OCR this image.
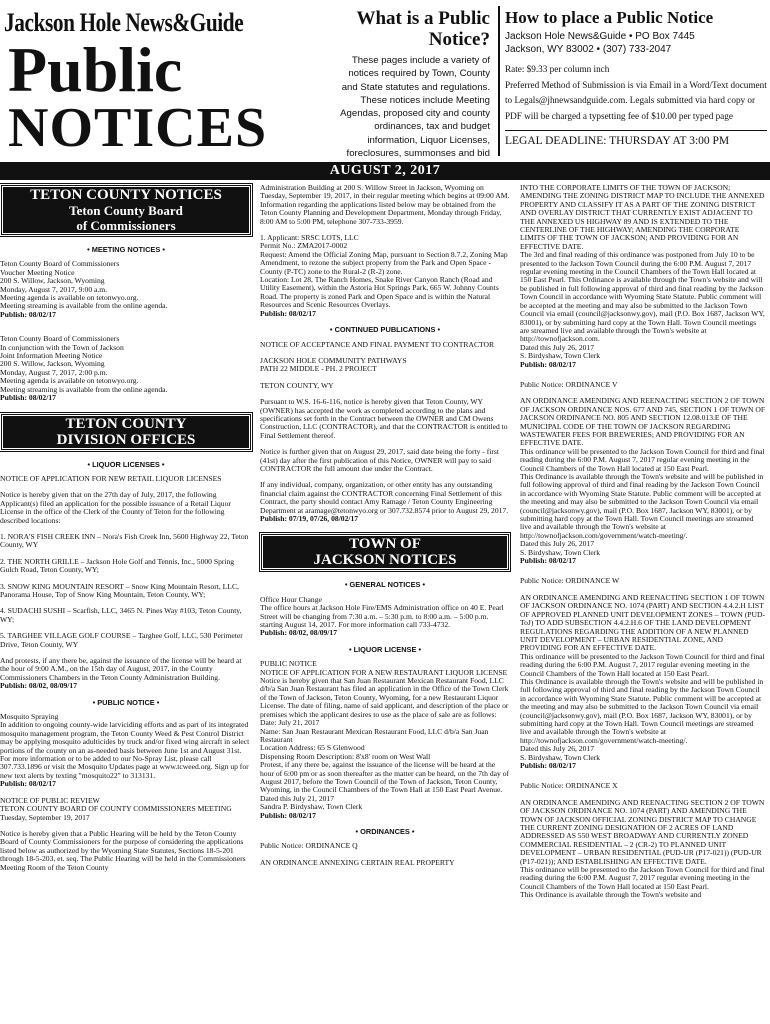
Jackson Hole News&Guide
Public
NOTICES
What is a Public Notice?

These pages include a variety of notices required by Town, County and State statutes and regulations. These notices include Meeting Agendas, proposed city and county ordinances, tax and budget information, Liquor Licenses, foreclosures, summonses and bid

How to place a Public Notice
Jackson Hole News&Guide • PO Box 7445
Jackson, WY 83002 • (307) 733-2047
Rate: $9.33 per column inch
Preferred Method of Submission is via Email in a Word/Text document to Legals@jhnewsandguide.com. Legals submitted via hard copy or PDF will be charged a typsetting fee of $10.00 per typed page
LEGAL DEADLINE: THURSDAY AT 3:00 PM
AUGUST 2, 2017
TETON COUNTY NOTICES
Teton County Board
of Commissioners
• MEETING NOTICES •
Teton County Board of Commissioners
Voucher Meeting Notice
200 S. Willow, Jackson, Wyoming
Monday, August 7, 2017, 9:00 a.m.
Meeting agenda is available on tetonwyo.org.
Meeting streaming is available from the online agenda.
Publish: 08/02/17
Teton County Board of Commissioners
In conjunction with the Town of Jackson
Joint Information Meeting Notice
200 S. Willow, Jackson, Wyoming
Monday, August 7, 2017, 2:00 p.m.
Meeting agenda is available on tetonwyo.org.
Meeting streaming is available from the online agenda.
Publish: 08/02/17
TETON COUNTY
DIVISION OFFICES
• LIQUOR LICENSES •
NOTICE OF APPLICATION FOR NEW RETAIL LIQUOR LICENSES
Notice is hereby given that on the 27th day of July, 2017, the following Applicant(s) filed an application for the possible issuance of a Retail Liquor License in the office of the Clerk of the County of Teton for the following described locations:
1. NORA'S FISH CREEK INN – Nora's Fish Creek Inn, 5600 Highway 22, Teton County, WY
2. THE NORTH GRILLE – Jackson Hole Golf and Tennis, Inc., 5000 Spring Gulch Road, Teton County, WY;
3. SNOW KING MOUNTAIN RESORT – Snow King Mountain Resort, LLC, Panorama House, Top of Snow King Mountain, Teton County, WY;
4. SUDACHI SUSHI – Scarfish, LLC, 3465 N. Pines Way #103, Teton County, WY;
5. TARGHEE VILLAGE GOLF COURSE – Targhee Golf, LLC, 530 Perimeter Drive, Teton County, WY
And protests, if any there be, against the issuance of the license will be heard at the hour of 9:00 A.M., on the 15th day of August, 2017, in the County Commissioners Chambers in the Teton County Administration Building.
Publish: 08/02, 08/09/17
• PUBLIC NOTICE •
Mosquito Spraying
In addition to ongoing county-wide larviciding efforts and as part of its integrated mosquito management program, the Teton County Weed & Pest Control District may be applying mosquito adulticides by truck and/or fixed wing aircraft in select portions of the county on an as-needed basis between June 1st and August 31st. For more information or to be added to our No-Spray List, please call 307.733.1896 or visit the Mosquito Updates page at www.tcweed.org. Sign up for new text alerts by texting "mosquito22" to 313131.
Publish: 08/02/17
NOTICE OF PUBLIC REVIEW
TETON COUNTY BOARD OF COUNTY COMMISSIONERS MEETING
Tuesday, September 19, 2017
Notice is hereby given that a Public Hearing will be held by the Teton County Board of County Commissioners for the purpose of considering the applications listed below as authorized by the Wyoming State Statutes, Sections 18-5-201 through 18-5-203, et. seq. The Public Hearing will be held in the Commissioners Meeting Room of the Teton County
Administration Building at 200 S. Willow Street in Jackson, Wyoming on Tuesday, September 19, 2017, in their regular meeting which begins at 09:00 AM. Information regarding the applications listed below may be obtained from the Teton County Planning and Development Department, Monday through Friday, 8:00 AM to 5:00 PM, telephone 307-733-3959.
1. Applicant: SRSC LOTS, LLC
Permit No.: ZMA2017-0002
Request: Amend the Official Zoning Map, pursuant to Section 8.7.2, Zoning Map Amendment, to rezone the subject property from the Park and Open Space - County (P-TC) zone to the Rural-2 (R-2) zone.
Location: Lot 28, The Ranch Homes, Snake River Canyon Ranch (Road and Utility Easement), within the Astoria Hot Springs Park, 665 W. Johnny Counts Road. The property is zoned Park and Open Space and is within the Natural Resources and Scenic Resources Overlays.
Publish: 08/02/17
• CONTINUED PUBLICATIONS •
NOTICE OF ACCEPTANCE AND FINAL PAYMENT TO CONTRACTOR
JACKSON HOLE COMMUNITY PATHWAYS
PATH 22 MIDDLE - PH. 2 PROJECT
TETON COUNTY, WY
Pursuant to W.S. 16-6-116, notice is hereby given that Teton County, WY (OWNER) has accepted the work as completed according to the plans and specifications set forth in the Contract between the OWNER and CM Owens Construction, LLC (CONTRACTOR), and that the CONTRACTOR is entitled to Final Settlement thereof.
Notice is further given that on August 29, 2017, said date being the forty - first (41st) day after the first publication of this Notice, OWNER will pay to said CONTRACTOR the full amount due under the Contract.
If any individual, company, organization, or other entity has any outstanding financial claim against the CONTRACTOR concerning Final Settlement of this Contract, the party should contact Amy Ramage / Teton County Engineering Department at aramage@tetonwyo.org or 307.732.8574 prior to August 29, 2017.
Publish: 07/19, 07/26, 08/02/17
TOWN OF
JACKSON NOTICES
• GENERAL NOTICES •
Office Hour Change
The office hours at Jackson Hole Fire/EMS Administration office on 40 E. Pearl Street will be changing from 7:30 a.m. – 5:30 p.m. to 8:00 a.m. – 5:00 p.m. starting August 14, 2017. For more information call 733-4732.
Publish: 08/02, 08/09/17
• LIQUOR LICENSE •
PUBLIC NOTICE
NOTICE OF APPLICATION FOR A NEW RESTAURANT LIQUOR LICENSE
Notice is hereby given that San Juan Restaurant Mexican Restaurant Food, LLC d/b/a San Juan Restaurant has filed an application in the Office of the Town Clerk of the Town of Jackson, Teton County, Wyoming, for a new Restaurant Liquor License. The date of filing, name of said applicant, and description of the place or premises which the applicant desires to use as the place of sale are as follows:
Date: July 21, 2017
Name: San Juan Restaurant Mexican Restaurant Food, LLC d/b/a San Juan Restaurant
Location Address: 65 S Glenwood
Dispensing Room Description: 8'x8' room on West Wall
Protest, if any there be, against the issuance of the license will be heard at the hour of 6:00 pm or as soon thereafter as the matter can be heard, on the 7th day of August 2017, before the Town Council of the Town of Jackson, Teton County, Wyoming, in the Council Chambers of the Town Hall at 150 East Pearl Avenue.
Dated this July 21, 2017
Sandra P. Birdyshaw, Town Clerk
Publish: 08/02/17
• ORDINANCES •
Public Notice: ORDINANCE Q
AN ORDINANCE ANNEXING CERTAIN REAL PROPERTY
INTO THE CORPORATE LIMITS OF THE TOWN OF JACKSON; AMENDING THE ZONING DISTRICT MAP TO INCLUDE THE ANNEXED PROPERTY AND CLASSIFY IT AS A PART OF THE ZONING DISTRICT AND OVERLAY DISTRICT THAT CURRENTLY EXIST ADJACENT TO THE ANNEXED US HIGHWAY 89 AND IS EXTENDED TO THE CENTERLINE OF THE HIGHWAY; AMENDING THE CORPORATE LIMITS OF THE TOWN OF JACKSON; AND PROVIDING FOR AN EFFECTIVE DATE.
The 3rd and final reading of this ordinance was postponed from July 10 to be presented to the Jackson Town Council during the 6:00 P.M. August 7, 2017 regular evening meeting in the Council Chambers of the Town Hall located at 150 East Pearl. This Ordinance is available through the Town's website and will be published in full following approval of third and final reading by the Jackson Town Council in accordance with Wyoming State Statute. Public comment will be accepted at the meeting and may also be submitted to the Jackson Town Council via email (council@jacksonwy.gov), mail (P.O. Box 1687, Jackson WY, 83001), or by submitting hard copy at the Town Hall. Town Council meetings are streamed live and available through the Town's website at http://townofjackson.com.
Dated this July 26, 2017
S. Birdyshaw, Town Clerk
Publish: 08/02/17
Public Notice: ORDINANCE V
AN ORDINANCE AMENDING AND REENACTING SECTION 2 OF TOWN OF JACKSON ORDINANCE NOS. 677 AND 745, SECTION 1 OF TOWN OF JACKSON ORDINANCE NO. 805 AND SECTION 12.08.013.E OF THE MUNICIPAL CODE OF THE TOWN OF JACKSON REGARDING WASTEWATER FEES FOR BREWERIES; AND PROVIDING FOR AN EFFECTIVE DATE.
This ordinance will be presented to the Jackson Town Council for third and final reading during the 6:00 P.M. August 7, 2017 regular evening meeting in the Council Chambers of the Town Hall located at 150 East Pearl.
This Ordinance is available through the Town's website and will be published in full following approval of third and final reading by the Jackson Town Council in accordance with Wyoming State Statute. Public comment will be accepted at the meeting and may also be submitted to the Jackson Town Council via email (council@jacksonwy.gov), mail (P.O. Box 1687, Jackson WY, 83001), or by submitting hard copy at the Town Hall. Town Council meetings are streamed live and available through the Town's website at http://townofjackson.com/government/watch-meeting/.
Dated this July 26, 2017
S. Birdyshaw, Town Clerk
Publish: 08/02/17
Public Notice: ORDINANCE W
AN ORDINANCE AMENDING AND REENACTING SECTION 1 OF TOWN OF JACKSON ORDINANCE NO. 1074 (PART) AND SECTION 4.4.2.H LIST OF APPROVED PLANNED UNIT DEVELOPMENT ZONES – TOWN (PUD-ToJ) TO ADD SUBSECTION 4.4.2.H.6 OF THE LAND DEVELOPMENT REGULATIONS REGARDING THE ADDITION OF A NEW PLANNED UNIT DEVELOPMENT – URBAN RESIDENTIAL ZONE, AND PROVIDING FOR AN EFFECTIVE DATE.
This ordinance will be presented to the Jackson Town Council for third and final reading during the 6:00 P.M. August 7, 2017 regular evening meeting in the Council Chambers of the Town Hall located at 150 East Pearl.
This Ordinance is available through the Town's website and will be published in full following approval of third and final reading by the Jackson Town Council in accordance with Wyoming State Statute. Public comment will be accepted at the meeting and may also be submitted to the Jackson Town Council via email (council@jacksonwy.gov), mail (P.O. Box 1687, Jackson WY, 83001), or by submitting hard copy at the Town Hall. Town Council meetings are streamed live and available through the Town's website at http://townofjackson.com/government/watch-meeting/.
Dated this July 26, 2017
S. Birdyshaw, Town Clerk
Publish: 08/02/17
Public Notice: ORDINANCE X
AN ORDINANCE AMENDING AND REENACTING SECTION 2 OF TOWN OF JACKSON ORDINANCE NO. 1074 (PART) AND AMENDING THE TOWN OF JACKSON OFFICIAL ZONING DISTRICT MAP TO CHANGE THE CURRENT ZONING DESIGNATION OF 2 ACRES OF LAND ADDRESSED AS 550 WEST BROADWAY AND CURRENTLY ZONED COMMERCIAL RESIDENTIAL – 2 (CR-2) TO PLANNED UNIT DEVELOPMENT – URBAN RESIDENTIAL (PUD-UR (P17-021)) (PUD-UR (P17-021)); AND ESTABLISHING AN EFFECTIVE DATE.
This ordinance will be presented to the Jackson Town Council for third and final reading during the 6:00 P.M. August 7, 2017 regular evening meeting in the Council Chambers of the Town Hall located at 150 East Pearl.
This Ordinance is available through the Town's website and
